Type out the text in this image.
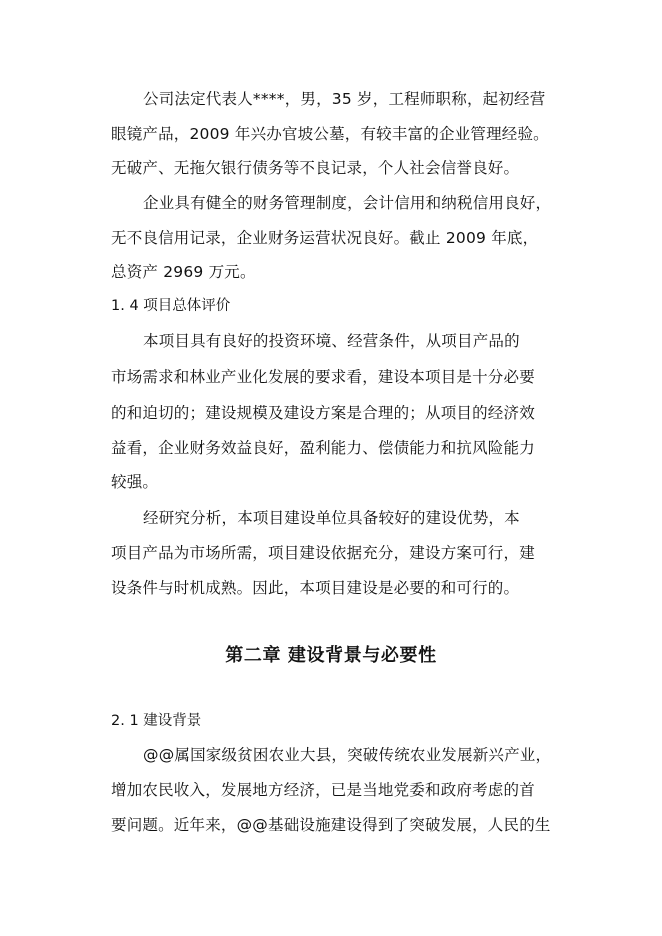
公司法定代表人****，男，35 岁，工程师职称，起初经营
眼镜产品，2009 年兴办官坡公墓，有较丰富的企业管理经验。
无破产、无拖欠银行债务等不良记录，个人社会信誉良好。
企业具有健全的财务管理制度，会计信用和纳税信用良好，
无不良信用记录，企业财务运营状况良好。截止 2009 年底，
总资产 2969 万元。
1. 4 项目总体评价
本项目具有良好的投资环境、经营条件，从项目产品的
市场需求和林业产业化发展的要求看，建设本项目是十分必要
的和迫切的；建设规模及建设方案是合理的；从项目的经济效
益看，企业财务效益良好，盈利能力、偿债能力和抗风险能力
较强。
经研究分析，本项目建设单位具备较好的建设优势，本
项目产品为市场所需，项目建设依据充分，建设方案可行，建
设条件与时机成熟。因此，本项目建设是必要的和可行的。
第二章 建设背景与必要性
2. 1 建设背景
@@属国家级贫困农业大县，突破传统农业发展新兴产业，
增加农民收入，发展地方经济，已是当地党委和政府考虑的首
要问题。近年来，@@基础设施建设得到了突破发展，人民的生
